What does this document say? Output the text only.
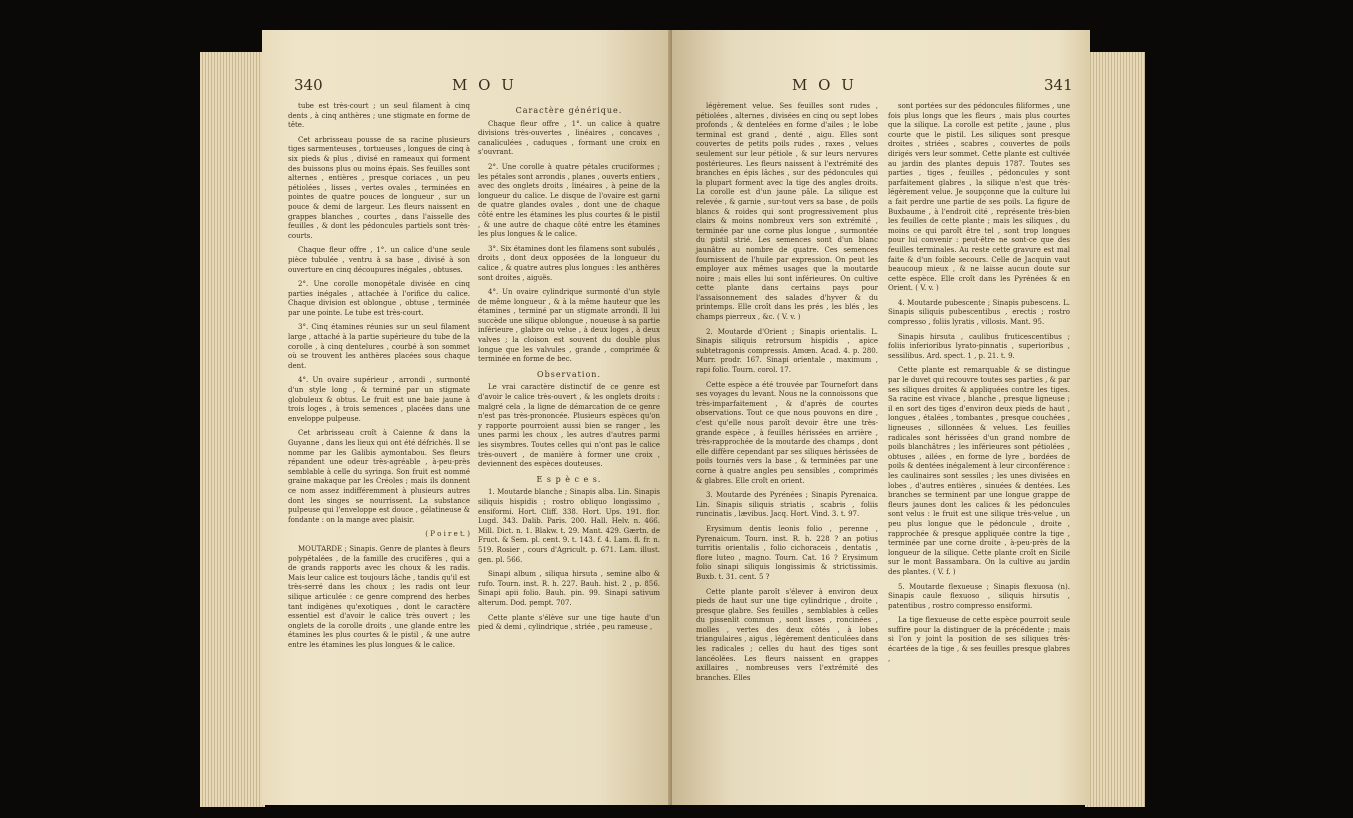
340	M O U

tube est très-court ; un seul filament à cinq dents , à cinq anthères ; une stigmate en forme de tête.

Cet arbrisseau pousse de sa racine plusieurs tiges sarmenteuses , tortueuses , longues de cinq à six pieds & plus , divisé en rameaux qui forment des buissons plus ou moins épais. Ses feuilles sont alternes , entières , presque coriaces , un peu pétiolées , lisses , vertes ovales , terminées en pointes de quatre pouces de longueur , sur un pouce & demi de largeur. Les fleurs naissent en grappes blanches , courtes , dans l'aisselle des feuilles , & dont les pédoncules partiels sont très-courts.

Chaque fleur offre , 1°. un calice d'une seule pièce tubulée , ventru à sa base , divisé à son ouverture en cinq découpures inégales , obtuses.

2°. Une corolle monopétale divisée en cinq parties inégales , attachée à l'orifice du calice. Chaque division est oblongue , obtuse , terminée par une pointe. Le tube est très-court.

3°. Cinq étamines réunies sur un seul filament large , attaché à la partie supérieure du tube de la corolle , à cinq dentelures , courbé à son sommet où se trouvent les anthères placées sous chaque dent.

4°. Un ovaire supérieur , arrondi , surmonté d'un style long , & terminé par un stigmate globuleux & obtus. Le fruit est une baie jaune à trois loges , à trois semences , placées dans une enveloppe pulpeuse.

Cet arbrisseau croît à Caienne & dans la Guyanne , dans les lieux qui ont été défrichés. Il se nomme par les Galibis aymontabou. Ses fleurs répandent une odeur très-agréable , à-peu-près semblable à celle du syringa. Son fruit est nommé graine makaque par les Créoles ; mais ils donnent ce nom assez indifféremment à plusieurs autres dont les singes se nourrissent. La substance pulpeuse qui l'enveloppe est douce , gélatineuse & fondante : on la mange avec plaisir.

( P o i r e t. )

MOUTARDE ; Sinapis. Genre de plantes à fleurs polypétalées , de la famille des crucifères , qui a de grands rapports avec les choux & les radis. Mais leur calice est toujours lâche , tandis qu'il est très-serré dans les choux ; les radis ont leur silique articulée : ce genre comprend des herbes tant indigènes qu'exotiques , dont le caractère essentiel est d'avoir le calice très ouvert ; les onglets de la corolle droits , une glande entre les étamines les plus courtes & le pistil , & une autre entre les étamines les plus longues & le calice.

Caractère générique.

Chaque fleur offre , 1°. un calice à quatre divisions très-ouvertes , linéaires , concaves , canaliculées , caduques , formant une croix en s'ouvrant.

2°. Une corolle à quatre pétales cruciformes ; les pétales sont arrondis , planes , ouverts entiers , avec des onglets droits , linéaires , à peine de la longueur du calice. Le disque de l'ovaire est garni de quatre glandes ovales , dont une de chaque côté entre les étamines les plus courtes & le pistil , & une autre de chaque côté entre les étamines les plus longues & le calice.

3°. Six étamines dont les filamens sont subulés , droits , dont deux opposées de la longueur du calice , & quatre autres plus longues : les anthères sont droites , aiguës.

4°. Un ovaire cylindrique surmonté d'un style de même longueur , & à la même hauteur que les étamines , terminé par un stigmate arrondi. Il lui succède une silique oblongue , noueuse à sa partie inférieure , glabre ou velue , à deux loges , à deux valves ; la cloison est souvent du double plus longue que les valvules , grande , comprimée & terminée en forme de bec.

Observation.

Le vrai caractère distinctif de ce genre est d'avoir le calice très-ouvert , & les onglets droits : malgré cela , la ligne de démarcation de ce genre n'est pas très-prononcée. Plusieurs espèces qu'on y rapporte pourroient aussi bien se ranger , les unes parmi les choux , les autres d'autres parmi les sisymbres. Toutes celles qui n'ont pas le calice très-ouvert , de manière à former une croix , deviennent des espèces douteuses.

E s p è c e s.

1. Moutarde blanche ; Sinapis alba. Lin. Sinapis siliquis hispidis ; rostro obliquo longissimo , ensiformi. Hort. Cliff. 338. Hort. Ups. 191. flor. Lugd. 343. Dalib. Paris. 200. Hall. Helv. n. 466. Mill. Dict. n. 1. Blakw. t. 29. Mant. 429. Gærtn. de Fruct. & Sem. pl. cent. 9. t. 143. f. 4. Lam. fl. fr. n. 519. Rosier , cours d'Agricult. p. 671. Lam. illust. gen. pl. 566.

Sinapi album , siliqua hirsuta , semine albo & rufo. Tourn. inst. R. h. 227. Bauh. hist. 2 , p. 856. Sinapi apii folio. Bauh. pin. 99. Sinapi sativum alterum. Dod. pempt. 707.

Cette plante s'élève sur une tige haute d'un pied & demi , cylindrique , striée , peu rameuse ,

M O U	341

légèrement velue. Ses feuilles sont rudes , pétiolées , alternes , divisées en cinq ou sept lobes profonds , & dentelées en forme d'ailes ; le lobe terminal est grand , denté , aigu. Elles sont couvertes de petits poils rudes , raxes , velues seulement sur leur pétiole , & sur leurs nervures postérieures. Les fleurs naissent à l'extrémité des branches en épis lâches , sur des pédoncules qui la plupart forment avec la tige des angles droits. La corolle est d'un jaune pâle. La silique est relevée , & garnie , sur-tout vers sa base , de poils blancs & roides qui sont progressivement plus clairs & moins nombreux vers son extrémité , terminée par une corne plus longue , surmontée du pistil strié. Les semences sont d'un blanc jaunâtre au nombre de quatre. Ces semences fournissent de l'huile par expression. On peut les employer aux mêmes usages que la moutarde noire ; mais elles lui sont inférieures. On cultive cette plante dans certains pays pour l'assaisonnement des salades d'hyver & du printemps. Elle croît dans les prés , les blés , les champs pierreux , &c. ( V. v. )

2. Moutarde d'Orient ; Sinapis orientalis. L. Sinapis siliquis retrorsum hispidis , apice subtetragonis compressis. Amœn. Acad. 4. p. 280. Murr. prodr. 167. Sinapi orientale , maximum , rapi folio. Tourn. corol. 17.

Cette espèce a été trouvée par Tournefort dans ses voyages du levant. Nous ne la connoissons que très-imparfaitement , & d'après de courtes observations. Tout ce que nous pouvons en dire , c'est qu'elle nous paroît devoir être une très-grande espèce , à feuilles hérissées en arrière , très-rapprochée de la moutarde des champs , dont elle diffère cependant par ses siliques hérissées de poils tournés vers la base , & terminées par une corne à quatre angles peu sensibles , comprimés & glabres. Elle croît en orient.

3. Moutarde des Pyrénées ; Sinapis Pyrenaica. Lin. Sinapis siliquis striatis , scabris , foliis runcinatis , lævibus. Jacq. Hort. Vind. 3. t. 97.

Erysimum dentis leonis folio , perenne , Pyrenaicum. Tourn. inst. R. h. 228 ? an potius turritis orientalis , folio cichoraceis , dentatis , flore luteo , magno. Tourn. Cat. 16 ? Erysimum folio sinapi siliquis longissimis & strictissimis. Buxb. t. 31. cent. 5 ?

Cette plante paroît s'élever à environ deux pieds de haut sur une tige cylindrique , droite , presque glabre. Ses feuilles , semblables à celles du pissenlit commun , sont lisses , roncinées , molles , vertes des deux côtés , à lobes triangulaires , aigus , légèrement denticulées dans les radicales ; celles du haut des tiges sont lancéolées. Les fleurs naissent en grappes axillaires , nombreuses vers l'extrémité des branches. Elles

sont portées sur des pédoncules filiformes , une fois plus longs que les fleurs , mais plus courtes que la silique. La corolle est petite , jaune , plus courte que le pistil. Les siliques sont presque droites , striées , scabres , couvertes de poils dirigés vers leur sommet. Cette plante est cultivée au jardin des plantes depuis 1787. Toutes ses parties , tiges , feuilles , pédoncules y sont parfaitement glabres , la silique n'est que très-légèrement velue. Je soupçonne que la culture lui a fait perdre une partie de ses poils. La figure de Buxbaume , à l'endroit cité , représente très-bien les feuilles de cette plante ; mais les siliques , du moins ce qui paroît être tel , sont trop longues pour lui convenir : peut-être ne sont-ce que des feuilles terminales. Au reste cette gravure est mal faite & d'un foible secours. Celle de Jacquin vaut beaucoup mieux , & ne laisse aucun doute sur cette espèce. Elle croît dans les Pyrénées & en Orient. ( V. v. )

4. Moutarde pubescente ; Sinapis pubescens. L. Sinapis siliquis pubescentibus , erectis ; rostro compresso , foliis lyratis , villosis. Mant. 95.

Sinapis hirsuta , caulibus fruticescentibus ; foliis inferioribus lyrato-pinnatis , superioribus , sessilibus. Ard. spect. 1 , p. 21. t. 9.

Cette plante est remarquable & se distingue par le duvet qui recouvre toutes ses parties , & par ses siliques droites & appliquées contre les tiges. Sa racine est vivace , blanche , presque ligneuse ; il en sort des tiges d'environ deux pieds de haut , longues , étalées , tombantes , presque couchées , ligneuses , sillonnées & velues. Les feuilles radicales sont hérissées d'un grand nombre de poils blanchâtres ; les inférieures sont pétiolées , obtuses , ailées , en forme de lyre , bordées de poils & dentées inégalement à leur circonférence : les caulinaires sont sessiles ; les unes divisées en lobes , d'autres entières , sinuées & dentées. Les branches se terminent par une longue grappe de fleurs jaunes dont les calices & les pédoncules sont velus : le fruit est une silique très-velue , un peu plus longue que le pédoncule , droite , rapprochée & presque appliquée contre la tige , terminée par une corne droite , à-peu-près de la longueur de la silique. Cette plante croît en Sicile sur le mont Bassambara. On la cultive au jardin des plantes. ( V. f. )

5. Moutarde flexueuse ; Sinapis flexuosa (n). Sinapis caule flexuoso , siliquis hirsutis , patentibus , rostro compresso ensiformi.

La tige flexueuse de cette espèce pourroit seule suffire pour la distinguer de la précédente ; mais si l'on y joint la position de ses siliques très-écartées de la tige , & ses feuilles presque glabres ,
